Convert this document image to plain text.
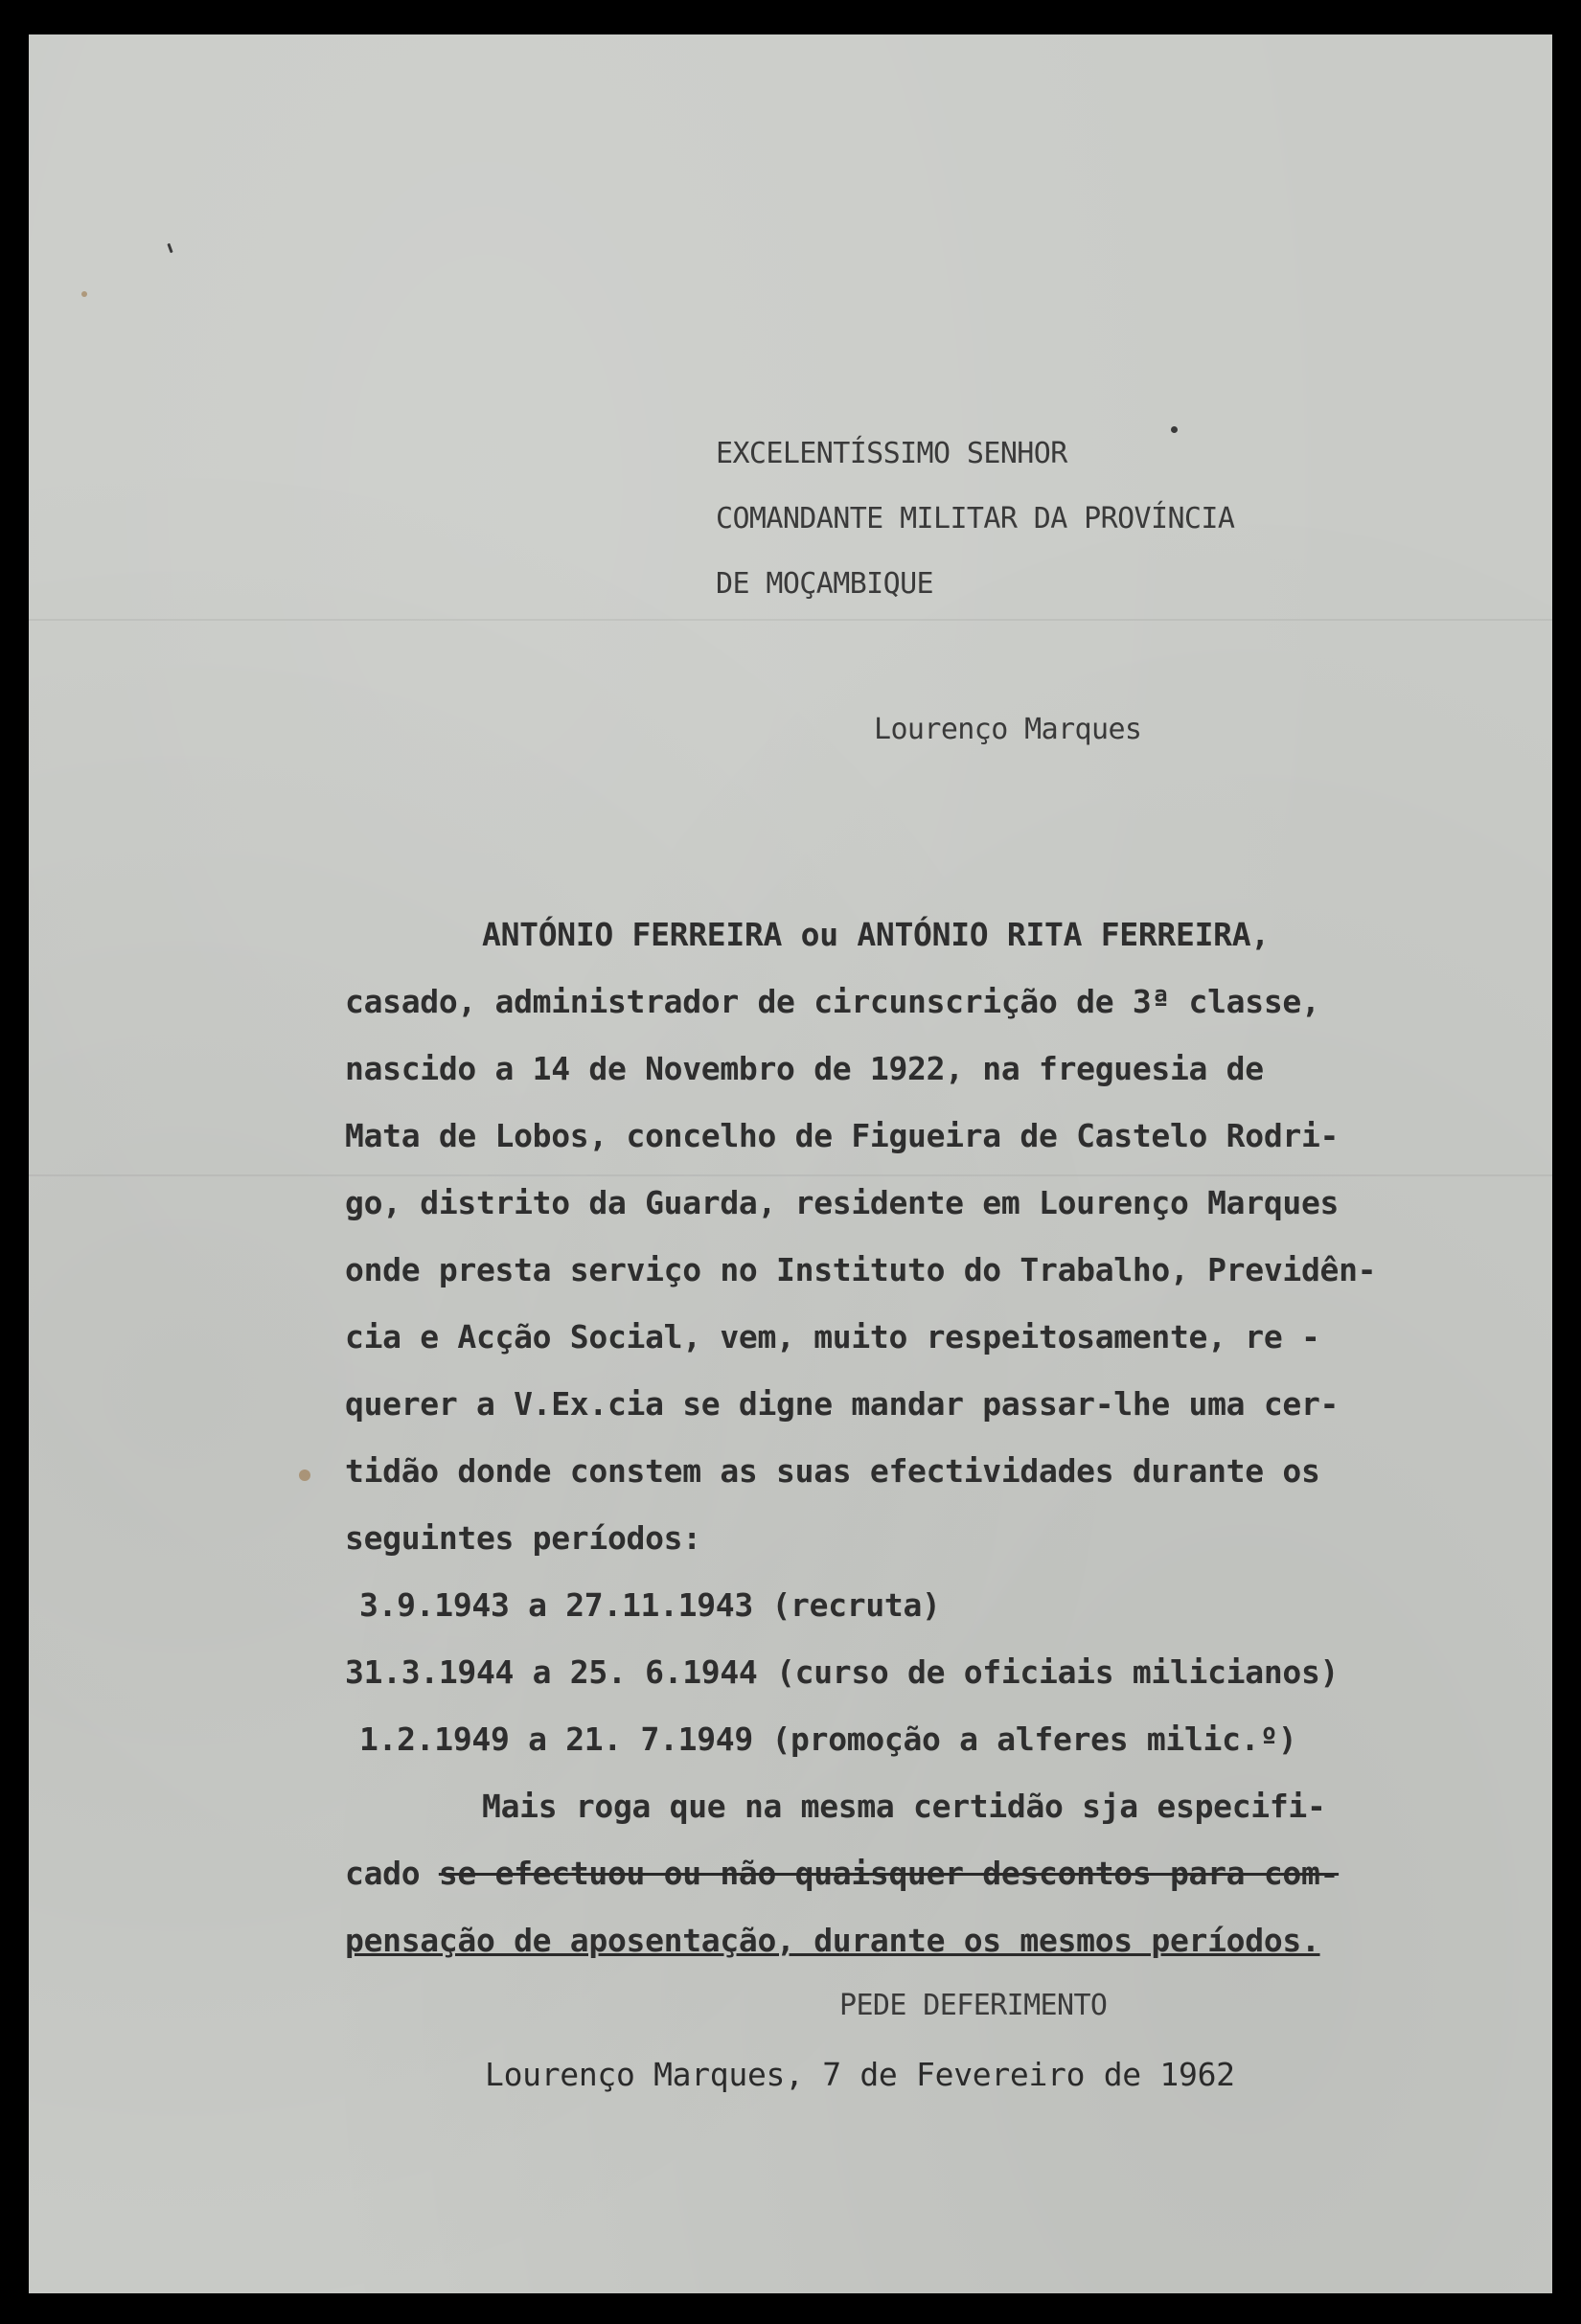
EXCELENTÍSSIMO SENHOR
COMANDANTE MILITAR DA PROVÍNCIA
DE MOÇAMBIQUE
Lourenço Marques
ANTÓNIO FERREIRA ou ANTÓNIO RITA FERREIRA,
casado, administrador de circunscrição de 3ª classe,
nascido a 14 de Novembro de 1922, na freguesia de
Mata de Lobos, concelho de Figueira de Castelo Rodri-
go, distrito da Guarda, residente em Lourenço Marques
onde presta serviço no Instituto do Trabalho, Previdên-
cia e Acção Social, vem, muito respeitosamente, re -
querer a V.Ex.cia se digne mandar passar-lhe uma cer-
tidão donde constem as suas efectividades durante os
seguintes períodos:
3.9.1943 a 27.11.1943 (recruta)
31.3.1944 a 25. 6.1944 (curso de oficiais milicianos)
1.2.1949 a 21. 7.1949 (promoção a alferes milic.º)
Mais roga que na mesma certidão sja especifi-
cado se efectuou ou não quaisquer descontos para com-
pensação de aposentação, durante os mesmos períodos.
PEDE DEFERIMENTO
Lourenço Marques, 7 de Fevereiro de 1962
